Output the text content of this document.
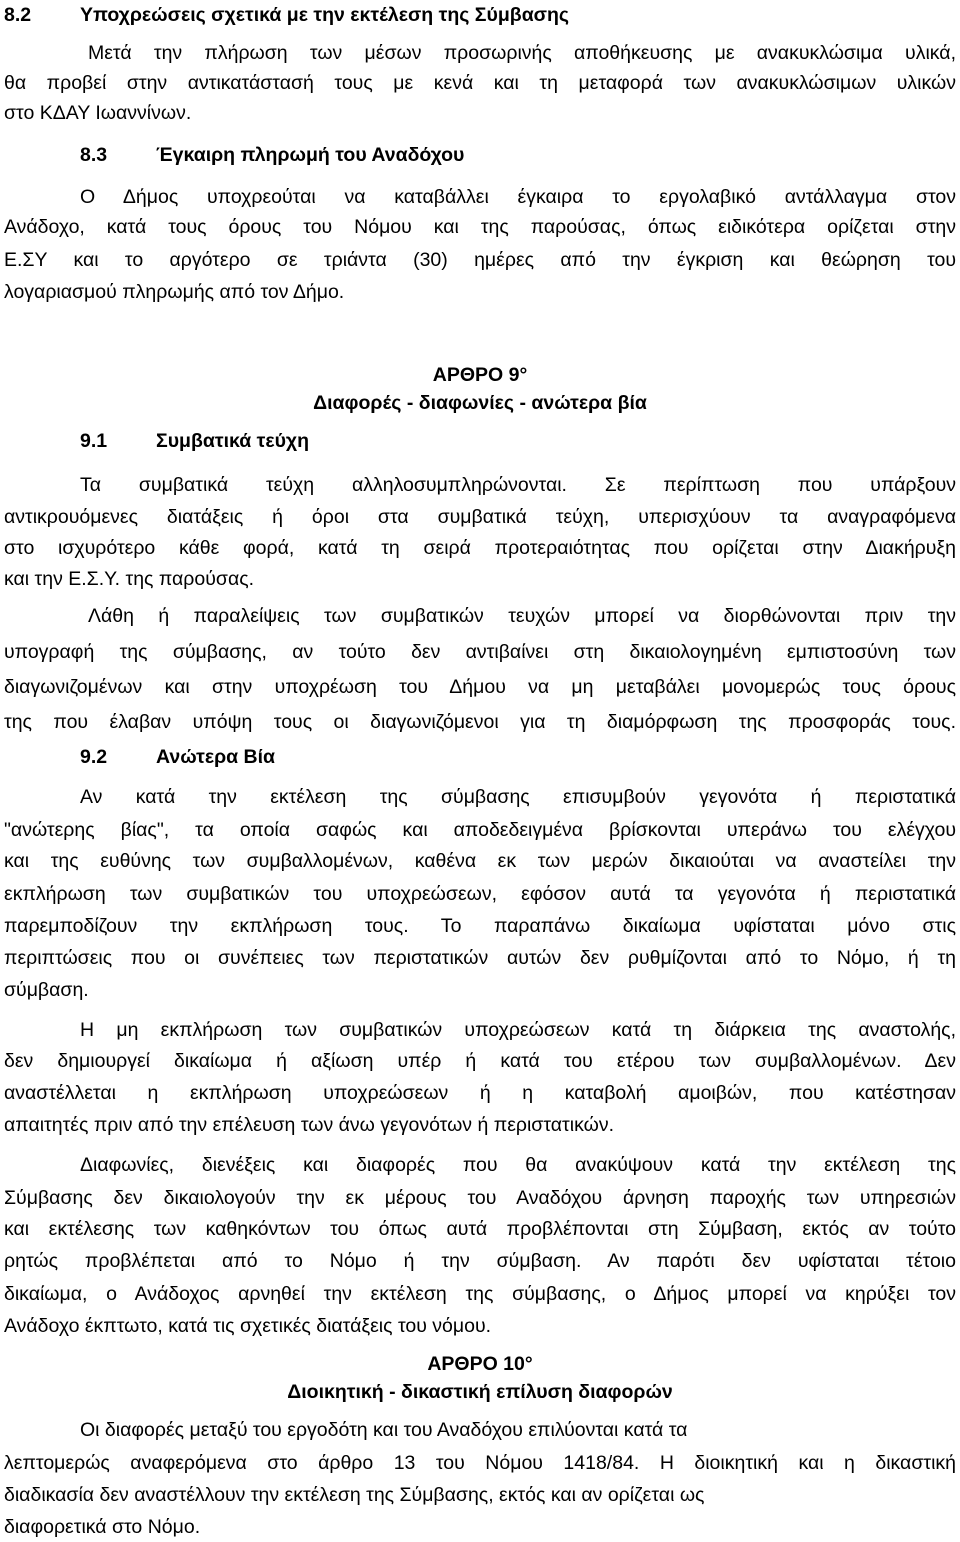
8.2	Υποχρεώσεις σχετικά με την εκτέλεση της Σύμβασης
Μετά την πλήρωση των μέσων προσωρινής αποθήκευσης με ανακυκλώσιμα υλικά,
θα προβεί στην αντικατάστασή τους με κενά και τη μεταφορά των ανακυκλώσιμων υλικών
στο ΚΔΑΥ Ιωαννίνων.
8.3	Έγκαιρη πληρωμή του Αναδόχου
Ο Δήμος υποχρεούται να καταβάλλει έγκαιρα το εργολαβικό αντάλλαγμα στον
Ανάδοχο, κατά τους όρους του Νόμου και της παρούσας, όπως ειδικότερα ορίζεται στην
Ε.ΣΥ και το αργότερο σε τριάντα (30) ημέρες από την έγκριση και θεώρηση του
λογαριασμού πληρωμής από τον Δήμο.
ΑΡΘΡΟ 9°
Διαφορές - διαφωνίες - ανώτερα βία
9.1	Συμβατικά τεύχη
Τα συμβατικά τεύχη αλληλοσυμπληρώνονται. Σε περίπτωση που υπάρξουν
αντικρουόμενες διατάξεις ή όροι στα συμβατικά τεύχη, υπερισχύουν τα αναγραφόμενα
στο ισχυρότερο κάθε φορά, κατά τη σειρά προτεραιότητας που ορίζεται στην Διακήρυξη
και την Ε.Σ.Υ. της παρούσας.
Λάθη ή παραλείψεις των συμβατικών τευχών μπορεί να διορθώνονται πριν την
υπογραφή της σύμβασης, αν τούτο δεν αντιβαίνει στη δικαιολογημένη εμπιστοσύνη των
διαγωνιζομένων και στην υποχρέωση του Δήμου να μη μεταβάλει μονομερώς τους όρους
της που έλαβαν υπόψη τους οι διαγωνιζόμενοι για τη διαμόρφωση της προσφοράς τους.
9.2	Ανώτερα Βία
Αν κατά την εκτέλεση της σύμβασης επισυμβούν γεγονότα ή περιστατικά
"ανώτερης βίας", τα οποία σαφώς και αποδεδειγμένα βρίσκονται υπεράνω του ελέγχου
και της ευθύνης των συμβαλλομένων, καθένα εκ των μερών δικαιούται να αναστείλει την
εκπλήρωση των συμβατικών του υποχρεώσεων, εφόσον αυτά τα γεγονότα ή περιστατικά
παρεμποδίζουν την εκπλήρωση τους. Το παραπάνω δικαίωμα υφίσταται μόνο στις
περιπτώσεις που οι συνέπειες των περιστατικών αυτών δεν ρυθμίζονται από το Νόμο, ή τη
σύμβαση.
Η μη εκπλήρωση των συμβατικών υποχρεώσεων κατά τη διάρκεια της αναστολής,
δεν δημιουργεί δικαίωμα ή αξίωση υπέρ ή κατά του ετέρου των συμβαλλομένων. Δεν
αναστέλλεται η εκπλήρωση υποχρεώσεων ή η καταβολή αμοιβών, που κατέστησαν
απαιτητές πριν από την επέλευση των άνω γεγονότων ή περιστατικών.
Διαφωνίες, διενέξεις και διαφορές που θα ανακύψουν κατά την εκτέλεση της
Σύμβασης δεν δικαιολογούν την εκ μέρους του Αναδόχου άρνηση παροχής των υπηρεσιών
και εκτέλεσης των καθηκόντων του όπως αυτά προβλέπονται στη Σύμβαση, εκτός αν τούτο
ρητώς προβλέπεται από το Νόμο ή την σύμβαση. Αν παρότι δεν υφίσταται τέτοιο
δικαίωμα, ο Ανάδοχος αρνηθεί την εκτέλεση της σύμβασης, ο Δήμος μπορεί να κηρύξει τον
Ανάδοχο έκπτωτο, κατά τις σχετικές διατάξεις του νόμου.
ΑΡΘΡΟ 10°
Διοικητική - δικαστική επίλυση διαφορών
Οι διαφορές μεταξύ του εργοδότη και του Αναδόχου επιλύονται κατά τα
λεπτομερώς αναφερόμενα στο άρθρο 13 του Νόμου 1418/84. Η διοικητική και η δικαστική
διαδικασία δεν αναστέλλουν την εκτέλεση της Σύμβασης, εκτός και αν ορίζεται ως
διαφορετικά στο Νόμο.
